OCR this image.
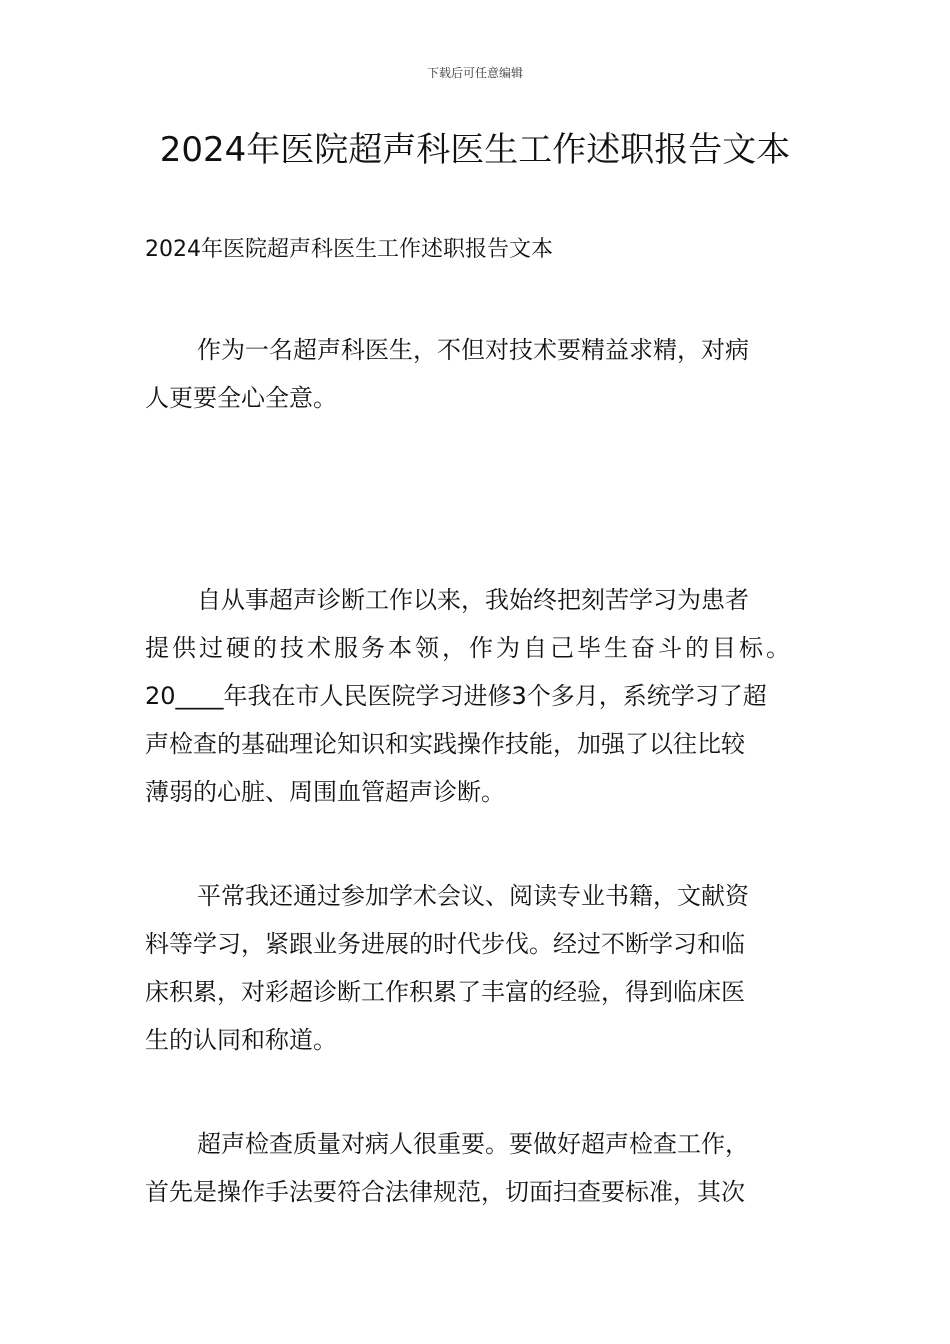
下载后可任意编辑
2024年医院超声科医生工作述职报告文本

2024年医院超声科医生工作述职报告文本

作为一名超声科医生，不但对技术要精益求精，对病
人更要全心全意。

自从事超声诊断工作以来，我始终把刻苦学习为患者
提供过硬的技术服务本领，作为自己毕生奋斗的目标。
20____年我在市人民医院学习进修3个多月，系统学习了超
声检查的基础理论知识和实践操作技能，加强了以往比较
薄弱的心脏、周围血管超声诊断。

平常我还通过参加学术会议、阅读专业书籍，文献资
料等学习，紧跟业务进展的时代步伐。经过不断学习和临
床积累，对彩超诊断工作积累了丰富的经验，得到临床医
生的认同和称道。

超声检查质量对病人很重要。要做好超声检查工作，
首先是操作手法要符合法律规范，切面扫查要标准，其次
